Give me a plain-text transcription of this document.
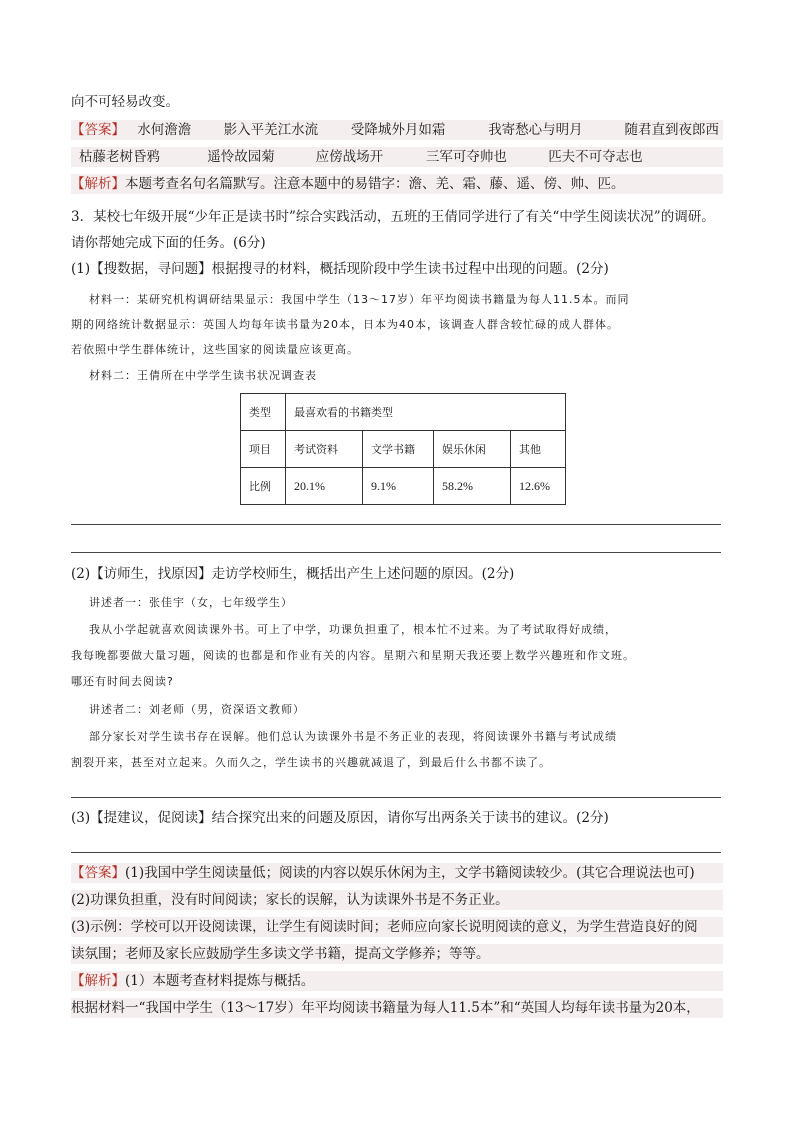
向不可轻易改变。
【答案】 水何澹澹 影入平羌江水流 受降城外月如霜	我寄愁心与明月	随君直到夜郎西
枯藤老树昏鸦	遥怜故园菊	应傍战场开	三军可夺帅也	匹夫不可夺志也
【解析】本题考查名句名篇默写。注意本题中的易错字：澹、羌、霜、藤、遥、傍、帅、匹。
3．某校七年级开展“少年正是读书时”综合实践活动，五班的王倩同学进行了有关“中学生阅读状况”的调研。
请你帮她完成下面的任务。(6分)
(1)【搜数据，寻问题】根据搜寻的材料，概括现阶段中学生读书过程中出现的问题。(2分)
材料一：某研究机构调研结果显示：我国中学生（13～17岁）年平均阅读书籍量为每人11.5本。而同
期的网络统计数据显示：英国人均每年读书量为20本，日本为40本，该调查人群含较忙碌的成人群体。
若依照中学生群体统计，这些国家的阅读量应该更高。
材料二：王倩所在中学学生读书状况调查表
类型	最喜欢看的书籍类型			
项目	考试资料	文学书籍	娱乐休闲	其他
比例	20.1%	9.1%	58.2%	12.6%
(2)【访师生，找原因】走访学校师生，概括出产生上述问题的原因。(2分)
讲述者一：张佳宇（女，七年级学生）
我从小学起就喜欢阅读课外书。可上了中学，功课负担重了，根本忙不过来。为了考试取得好成绩，
我每晚都要做大量习题，阅读的也都是和作业有关的内容。星期六和星期天我还要上数学兴趣班和作文班。
哪还有时间去阅读?
讲述者二：刘老师（男，资深语文教师）
部分家长对学生读书存在误解。他们总认为读课外书是不务正业的表现，将阅读课外书籍与考试成绩
割裂开来，甚至对立起来。久而久之，学生读书的兴趣就减退了，到最后什么书都不读了。
(3)【提建议，促阅读】结合探究出来的问题及原因，请你写出两条关于读书的建议。(2分)
【答案】(1)我国中学生阅读量低；阅读的内容以娱乐休闲为主，文学书籍阅读较少。(其它合理说法也可)
(2)功课负担重，没有时间阅读；家长的误解，认为读课外书是不务正业。
(3)示例：学校可以开设阅读课，让学生有阅读时间；老师应向家长说明阅读的意义，为学生营造良好的阅
读氛围；老师及家长应鼓励学生多读文学书籍，提高文学修养；等等。
【解析】(1）本题考查材料提炼与概括。
根据材料一“我国中学生（13～17岁）年平均阅读书籍量为每人11.5本”和“英国人均每年读书量为20本，
